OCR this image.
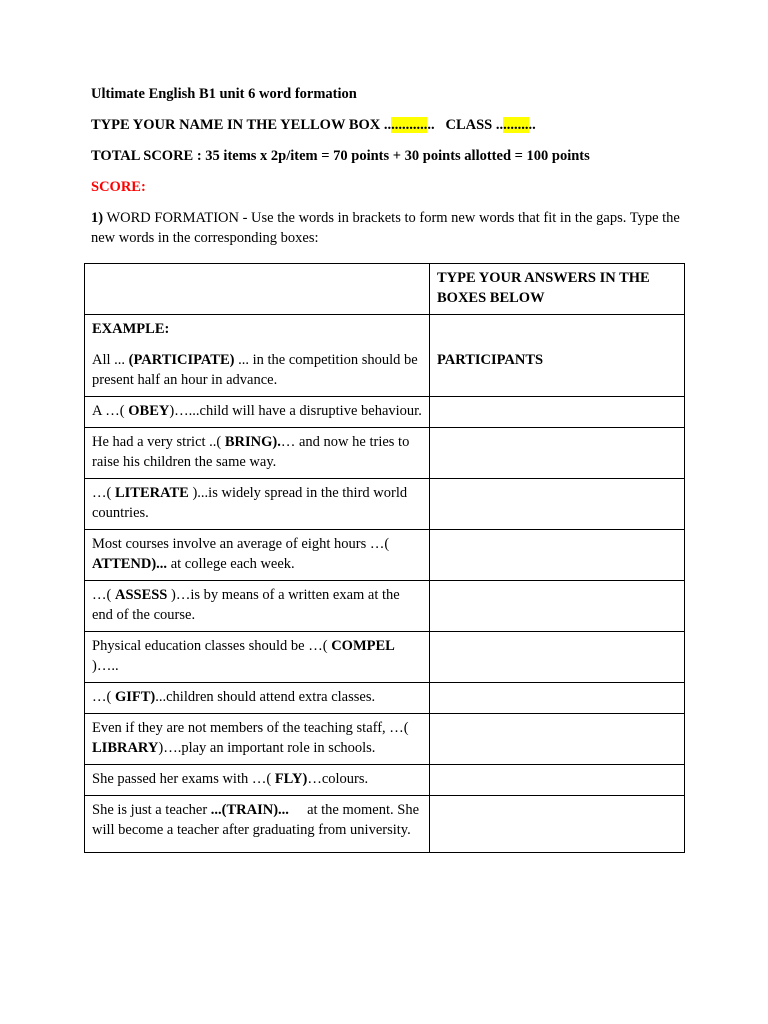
Ultimate English B1 unit 6 word formation
TYPE YOUR NAME IN THE YELLOW BOX .............. CLASS ...........
TOTAL SCORE : 35 items x 2p/item = 70 points + 30 points allotted = 100 points
SCORE:
1) WORD FORMATION - Use the words in brackets to form new words that fit in the gaps. Type the new words in the corresponding boxes:
	TYPE YOUR ANSWERS IN THE BOXES BELOW

EXAMPLE:
All ... (PARTICIPATE) ... in the competition should be present half an hour in advance.	PARTICIPANTS

A …( OBEY)…...child will have a disruptive behaviour.	
He had a very strict ..( BRING).… and now he tries to raise his children the same way.	
…( LITERATE )...is widely spread in the third world countries.	
Most courses involve an average of eight hours …( ATTEND)... at college each week.	
…( ASSESS )…is by means of a written exam at the end of the course.	
Physical education classes should be …( COMPEL )…..	
…( GIFT)...children should attend extra classes.	
Even if they are not members of the teaching staff, …( LIBRARY)….play an important role in schools.	
She passed her exams with …( FLY)…colours.	
She is just a teacher ...(TRAIN)...     at the moment. She will become a teacher after graduating from university.	
